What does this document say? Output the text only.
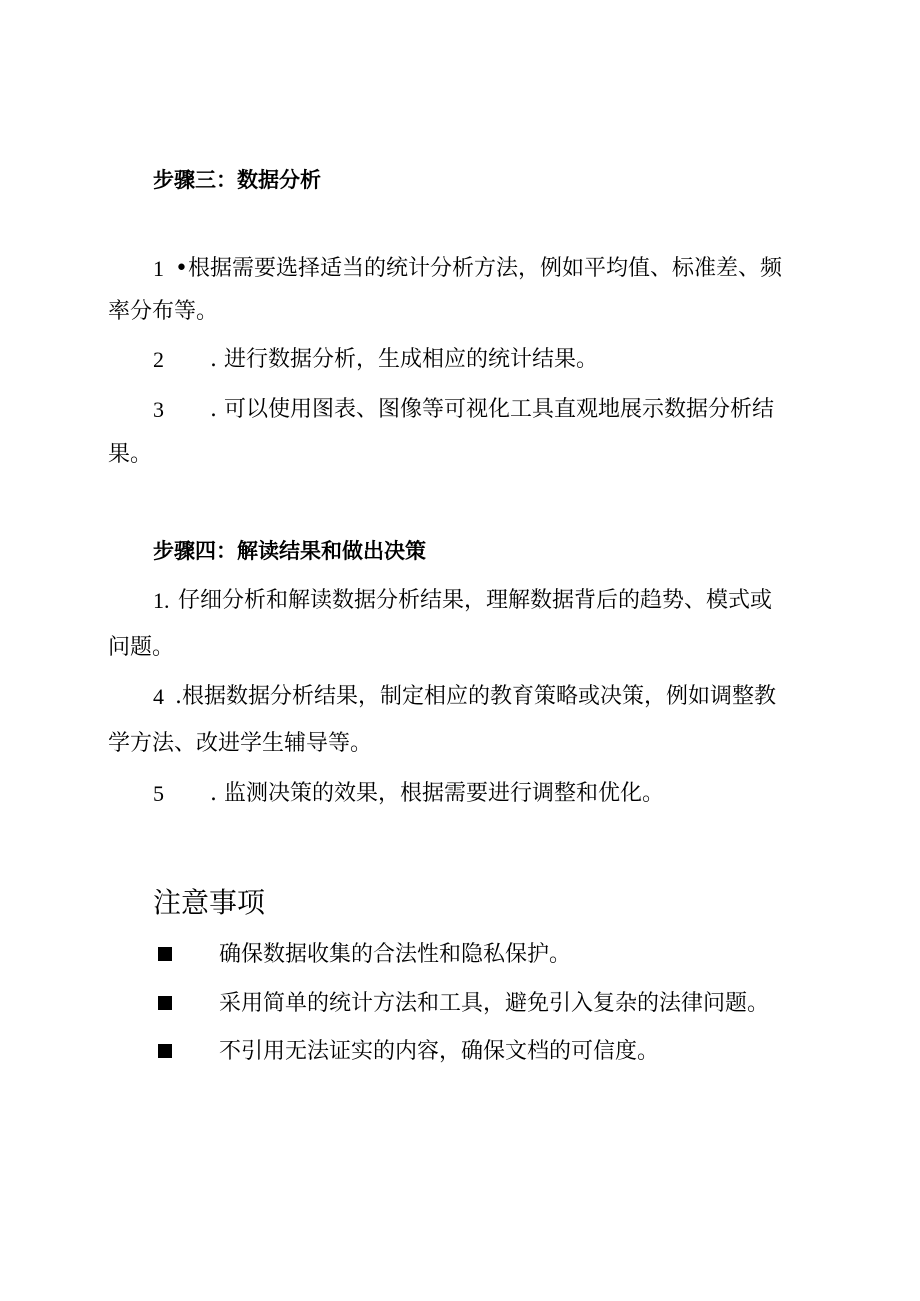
步骤三：数据分析
1 •根据需要选择适当的统计分析方法，例如平均值、标准差、频
率分布等。
2 . 进行数据分析，生成相应的统计结果。
3 . 可以使用图表、图像等可视化工具直观地展示数据分析结
果。
步骤四：解读结果和做出决策
1. 仔细分析和解读数据分析结果，理解数据背后的趋势、模式或
问题。
4 .根据数据分析结果，制定相应的教育策略或决策，例如调整教
学方法、改进学生辅导等。
5 . 监测决策的效果，根据需要进行调整和优化。
注意事项
确保数据收集的合法性和隐私保护。
采用简单的统计方法和工具，避免引入复杂的法律问题。
不引用无法证实的内容，确保文档的可信度。
